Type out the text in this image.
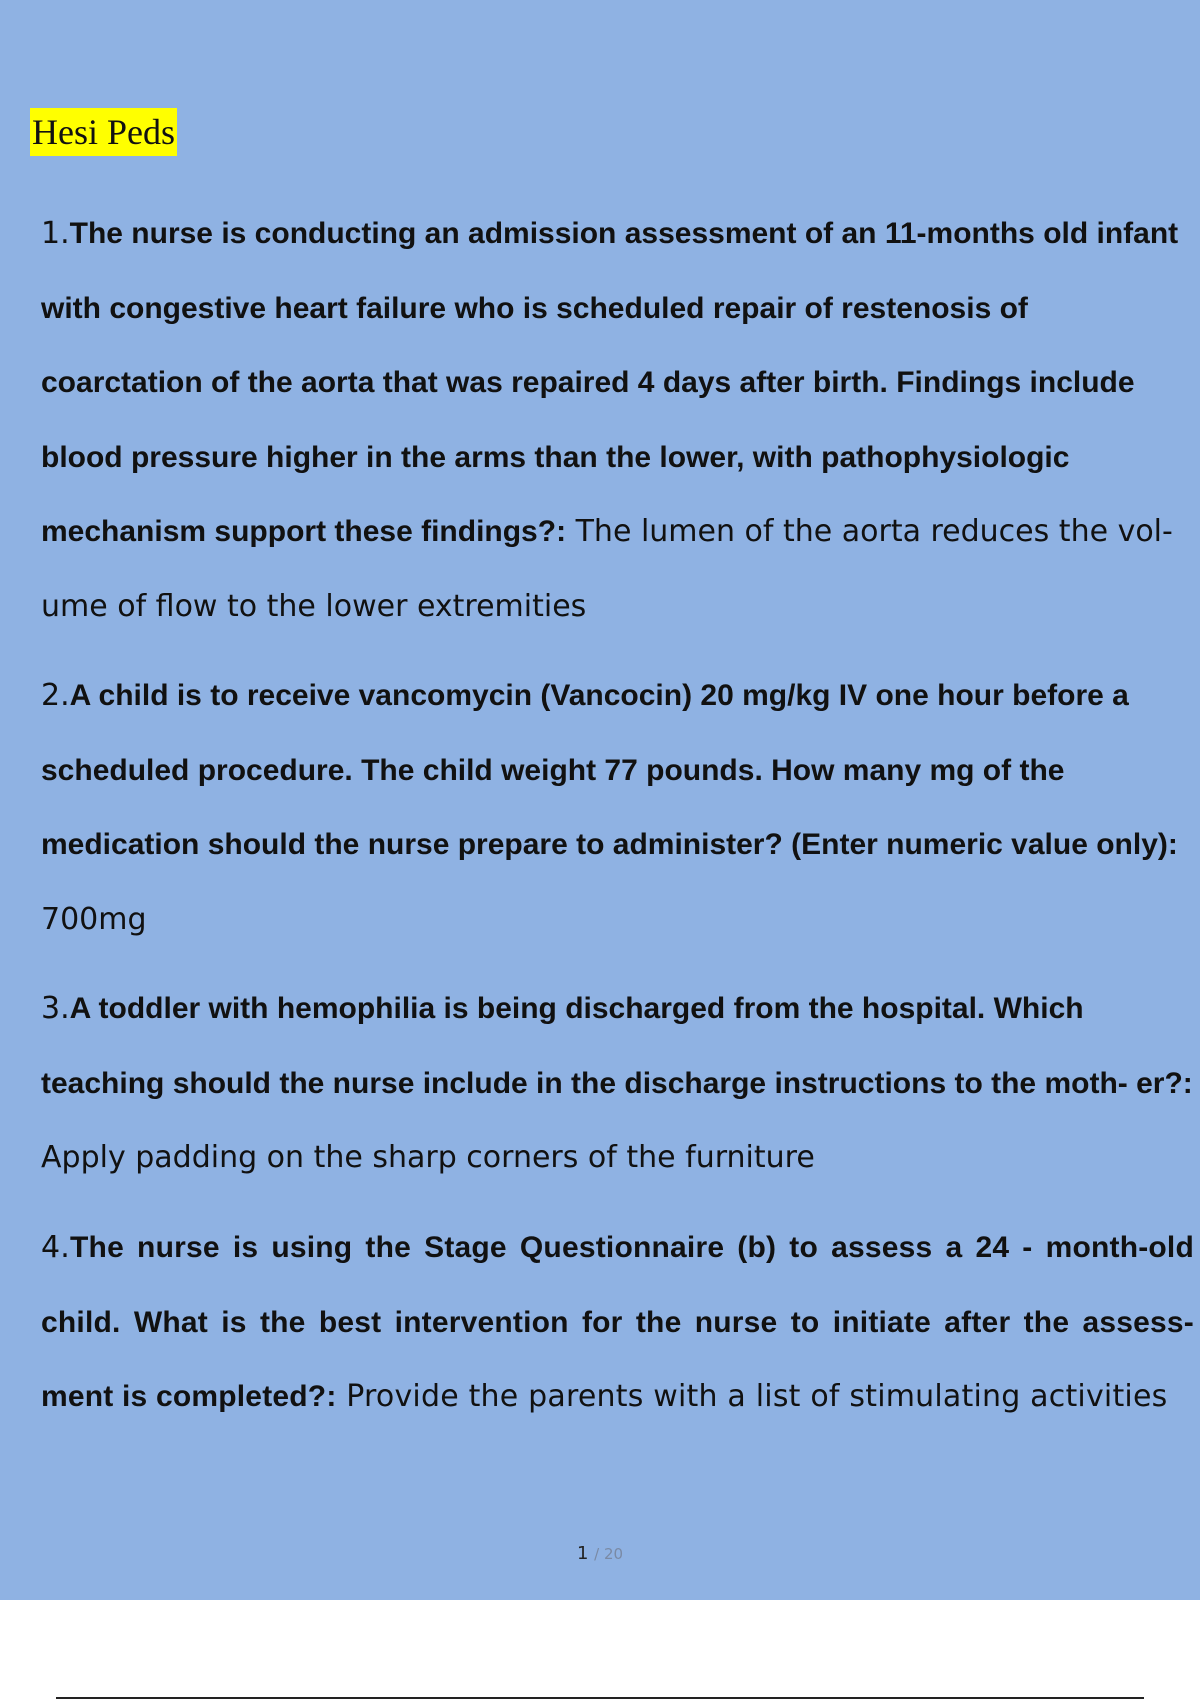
Hesi Peds

1.The nurse is conducting an admission assessment of an 11-months old infant with congestive heart failure who is scheduled repair of restenosis of coarctation of the aorta that was repaired 4 days after birth. Findings include blood pressure higher in the arms than the lower, with pathophysiologic mechanism support these findings?: The lumen of the aorta reduces the vol- ume of flow to the lower extremities

2.A child is to receive vancomycin (Vancocin) 20 mg/kg IV one hour before a scheduled procedure. The child weight 77 pounds. How many mg of the medication should the nurse prepare to administer? (Enter numeric value only): 700mg

3.A toddler with hemophilia is being discharged from the hospital. Which teaching should the nurse include in the discharge instructions to the moth- er?: Apply padding on the sharp corners of the furniture

4.The nurse is using the Stage Questionnaire (b) to assess a 24 - month-old child. What is the best intervention for the nurse to initiate after the assess- ment is completed?: Provide the parents with a list of stimulating activities

1 / 20
